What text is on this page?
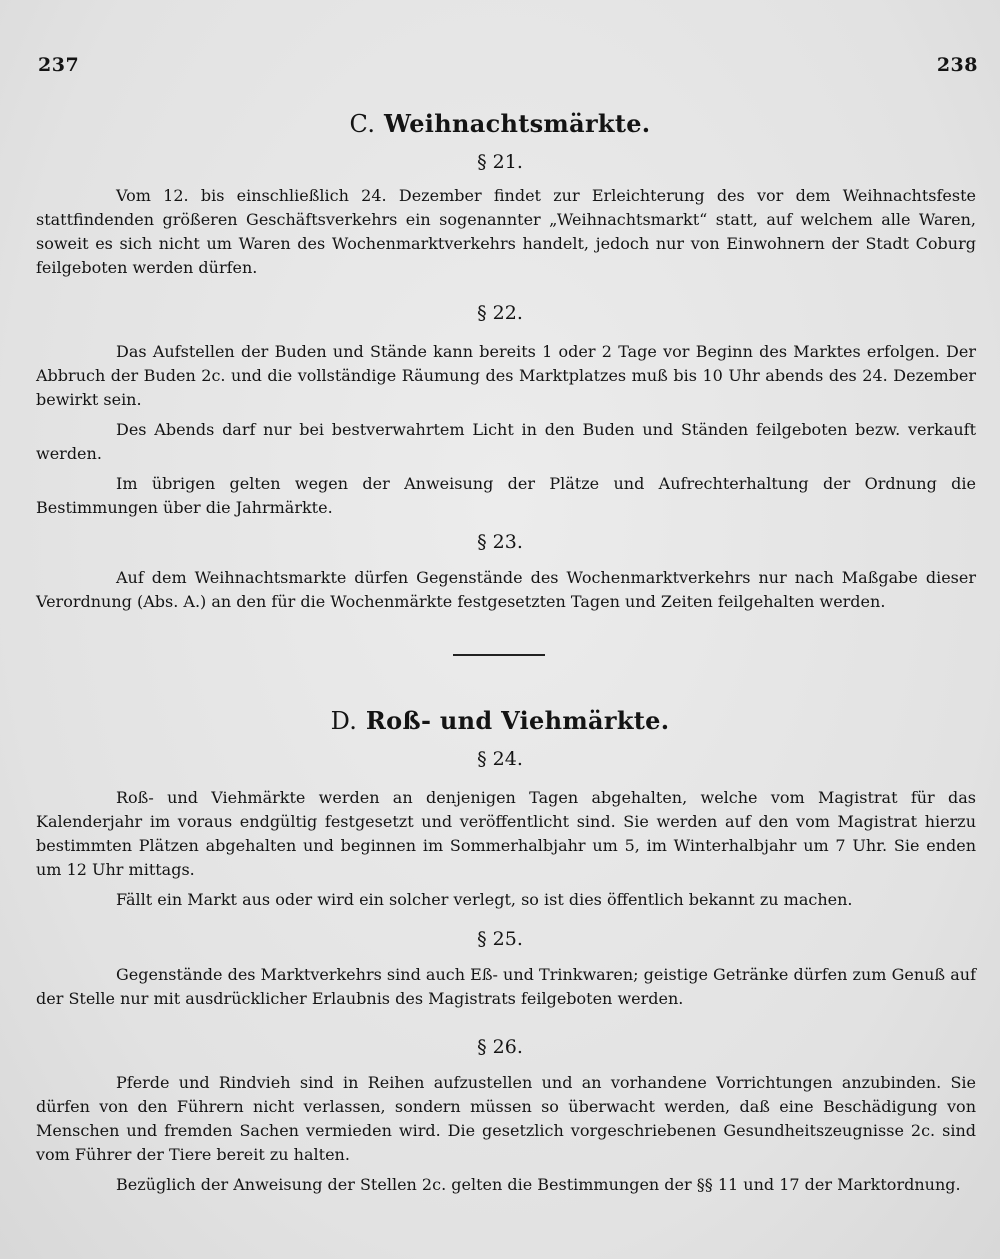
237	238
C. Weihnachtsmärkte.
§ 21.

Vom 12. bis einschließlich 24. Dezember findet zur Erleichterung des vor dem Weihnachtsfeste stattfindenden größeren Geschäftsverkehrs ein sogenannter „Weihnachtsmarkt“ statt, auf welchem alle Waren, soweit es sich nicht um Waren des Wochenmarktverkehrs handelt, jedoch nur von Einwohnern der Stadt Coburg feilgeboten werden dürfen.

§ 22.

Das Aufstellen der Buden und Stände kann bereits 1 oder 2 Tage vor Beginn des Marktes erfolgen. Der Abbruch der Buden 2c. und die vollständige Räumung des Marktplatzes muß bis 10 Uhr abends des 24. Dezember bewirkt sein.

Des Abends darf nur bei bestverwahrtem Licht in den Buden und Ständen feilgeboten bezw. verkauft werden.

Im übrigen gelten wegen der Anweisung der Plätze und Aufrechterhaltung der Ordnung die Bestimmungen über die Jahrmärkte.

§ 23.

Auf dem Weihnachtsmarkte dürfen Gegenstände des Wochenmarktverkehrs nur nach Maßgabe dieser Verordnung (Abs. A.) an den für die Wochenmärkte festgesetzten Tagen und Zeiten feilgehalten werden.

D. Roß- und Viehmärkte.
§ 24.

Roß- und Viehmärkte werden an denjenigen Tagen abgehalten, welche vom Magistrat für das Kalenderjahr im voraus endgültig festgesetzt und veröffentlicht sind. Sie werden auf den vom Magistrat hierzu bestimmten Plätzen abgehalten und beginnen im Sommerhalbjahr um 5, im Winterhalbjahr um 7 Uhr. Sie enden um 12 Uhr mittags.

Fällt ein Markt aus oder wird ein solcher verlegt, so ist dies öffentlich bekannt zu machen.

§ 25.

Gegenstände des Marktverkehrs sind auch Eß- und Trinkwaren; geistige Getränke dürfen zum Genuß auf der Stelle nur mit ausdrücklicher Erlaubnis des Magistrats feilgeboten werden.

§ 26.

Pferde und Rindvieh sind in Reihen aufzustellen und an vorhandene Vorrichtungen anzubinden. Sie dürfen von den Führern nicht verlassen, sondern müssen so überwacht werden, daß eine Beschädigung von Menschen und fremden Sachen vermieden wird. Die gesetzlich vorgeschriebenen Gesundheitszeugnisse 2c. sind vom Führer der Tiere bereit zu halten.

Bezüglich der Anweisung der Stellen 2c. gelten die Bestimmungen der §§ 11 und 17 der Marktordnung.
